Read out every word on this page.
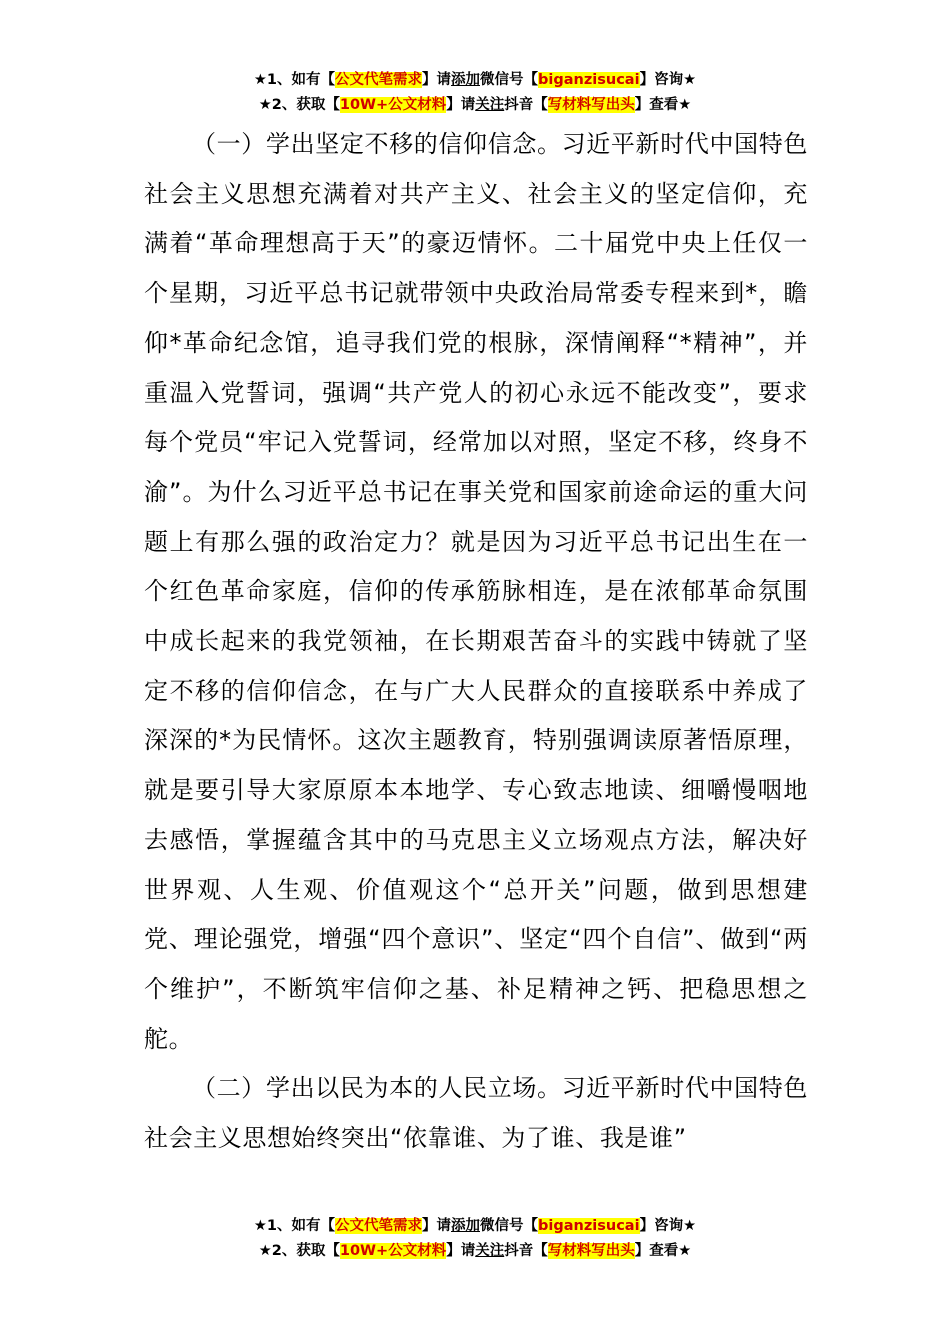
★1、如有【公文代笔需求】请添加微信号【biganzisucai】咨询★
★2、获取【10W+公文材料】请关注抖音【写材料写出头】查看★

（一）学出坚定不移的信仰信念。习近平新时代中国特色社会主义思想充满着对共产主义、社会主义的坚定信仰，充满着“革命理想高于天”的豪迈情怀。二十届党中央上任仅一个星期，习近平总书记就带领中央政治局常委专程来到*，瞻仰*革命纪念馆，追寻我们党的根脉，深情阐释“*精神”，并重温入党誓词，强调“共产党人的初心永远不能改变”，要求每个党员“牢记入党誓词，经常加以对照，坚定不移，终身不渝”。为什么习近平总书记在事关党和国家前途命运的重大问题上有那么强的政治定力？就是因为习近平总书记出生在一个红色革命家庭，信仰的传承筋脉相连，是在浓郁革命氛围中成长起来的我党领袖，在长期艰苦奋斗的实践中铸就了坚定不移的信仰信念，在与广大人民群众的直接联系中养成了深深的*为民情怀。这次主题教育，特别强调读原著悟原理，就是要引导大家原原本本地学、专心致志地读、细嚼慢咽地去感悟，掌握蕴含其中的马克思主义立场观点方法，解决好世界观、人生观、价值观这个“总开关”问题，做到思想建党、理论强党，增强“四个意识”、坚定“四个自信”、做到“两个维护”，不断筑牢信仰之基、补足精神之钙、把稳思想之舵。

（二）学出以民为本的人民立场。习近平新时代中国特色社会主义思想始终突出“依靠谁、为了谁、我是谁”

★1、如有【公文代笔需求】请添加微信号【biganzisucai】咨询★
★2、获取【10W+公文材料】请关注抖音【写材料写出头】查看★
